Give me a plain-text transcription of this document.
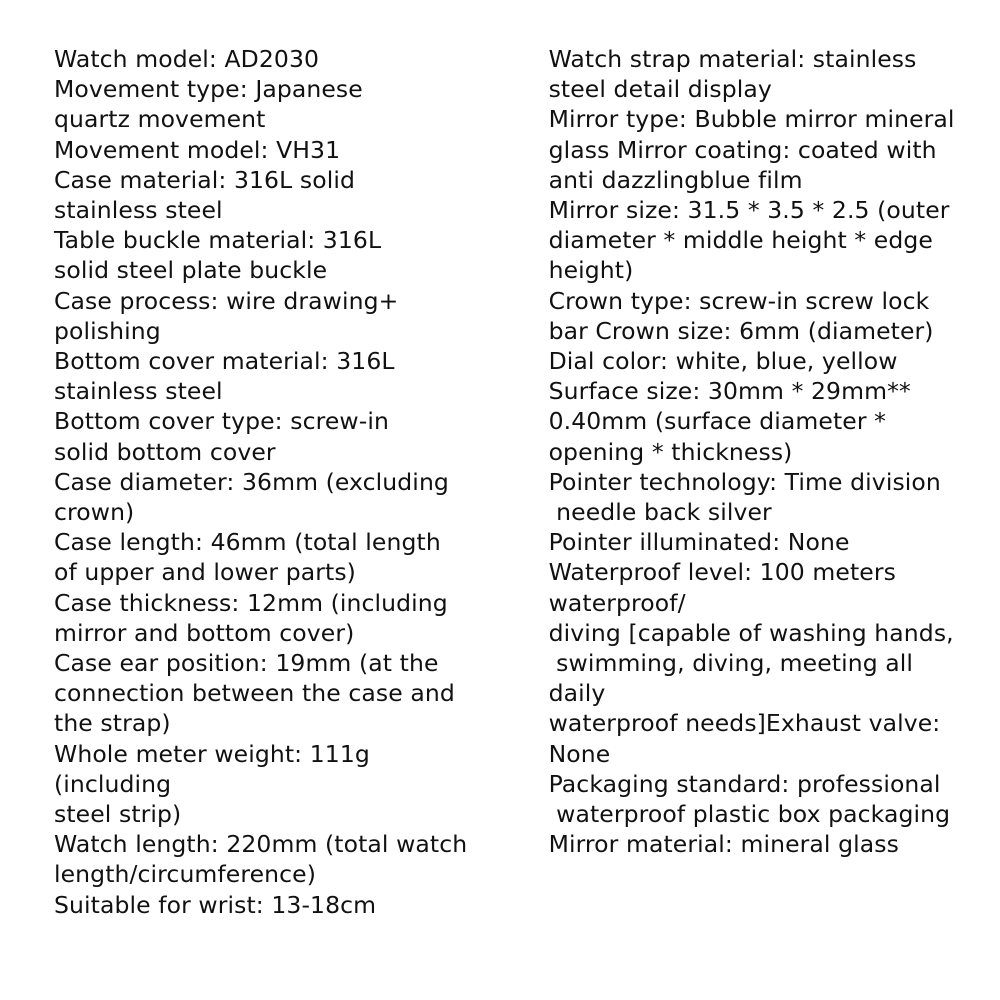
Watch model: AD2030
Movement type: Japanese
quartz movement
Movement model: VH31
Case material: 316L solid
stainless steel
Table buckle material: 316L
solid steel plate buckle
Case process: wire drawing+
polishing
Bottom cover material: 316L
stainless steel
Bottom cover type: screw-in
solid bottom cover
Case diameter: 36mm (excluding
crown)
Case length: 46mm (total length
of upper and lower parts)
Case thickness: 12mm (including
mirror and bottom cover)
Case ear position: 19mm (at the
connection between the case and
the strap)
Whole meter weight: 111g (including
steel strip)
Watch length: 220mm (total watch
length/circumference)
Suitable for wrist: 13-18cm
Watch strap material: stainless
steel detail display
Mirror type: Bubble mirror mineral
glass Mirror coating: coated with
anti dazzlingblue film
Mirror size: 31.5 * 3.5 * 2.5 (outer
diameter * middle height * edge
height)
Crown type: screw-in screw lock
bar Crown size: 6mm (diameter)
Dial color: white, blue, yellow
Surface size: 30mm * 29mm**
0.40mm (surface diameter *
opening * thickness)
Pointer technology: Time division
needle back silver
Pointer illuminated: None
Waterproof level: 100 meters
waterproof/
diving [capable of washing hands,
swimming, diving, meeting all daily
waterproof needs]Exhaust valve: None
Packaging standard: professional
waterproof plastic box packaging
Mirror material: mineral glass
